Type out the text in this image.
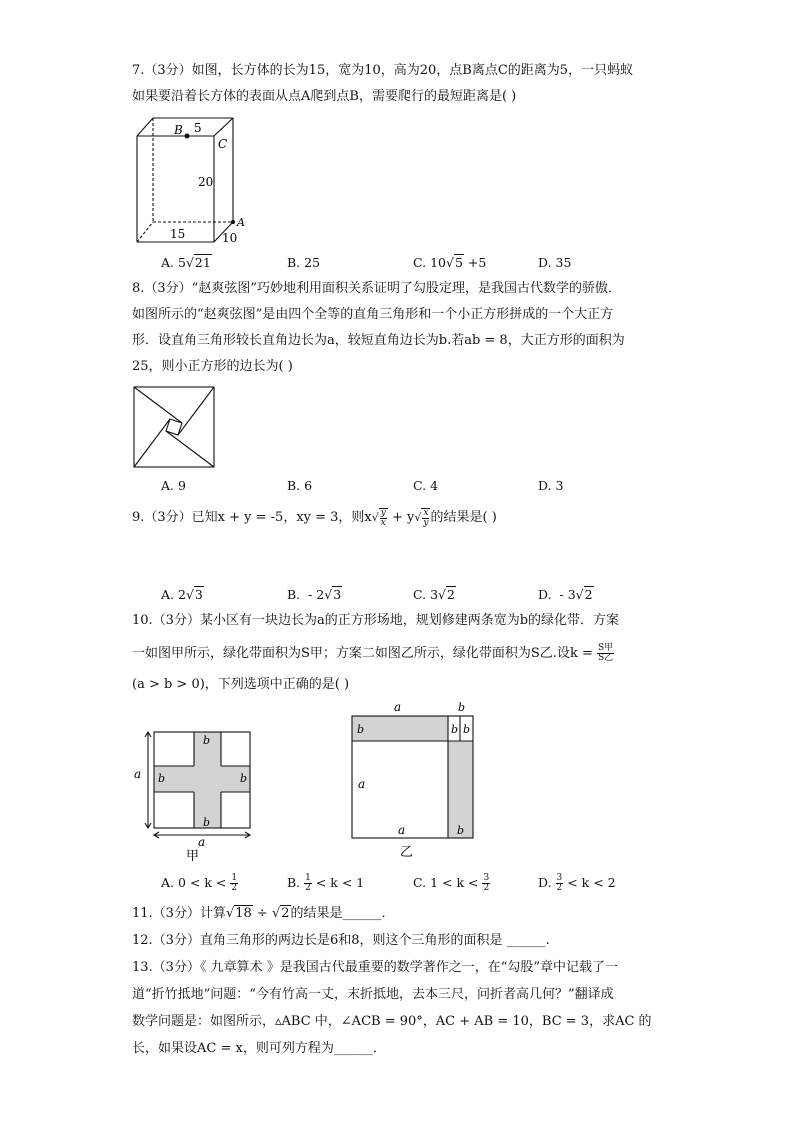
7.（3分）如图，长方体的长为15，宽为10，高为20，点B离点C的距离为5，一只蚂蚁
如果要沿着长方体的表面从点A爬到点B，需要爬行的最短距离是( )
B 5
C
20
A
15	10
A. 5√21	B. 25	C. 10√5 +5	D. 35
8.（3分）“赵爽弦图”巧妙地利用面积关系证明了勾股定理，是我国古代数学的骄傲．
如图所示的“赵爽弦图”是由四个全等的直角三角形和一个小正方形拼成的一个大正方
形．设直角三角形较长直角边长为a，较短直角边长为b.若ab = 8，大正方形的面积为
25，则小正方形的边长为( )
A. 9	B. 6	C. 4	D. 3
9.（3分）已知x + y = -5，xy = 3，则$x√ \frac{y}{x} + y√ \frac{x}{y}$ 的结果是( )
A. 2√3	B.  - 2√3	C. 3√2	D.  - 3√2
10.（3分）某小区有一块边长为a的正方形场地，规划修建两条宽为b的绿化带．方案
一如图甲所示，绿化带面积为S甲；方案二如图乙所示，绿化带面积为S乙.设$k = \frac{\text{S甲}}{\text{S乙}}$
(a > b > 0)，下列选项中正确的是( )
b
b	b
b
a
a
甲
a	b
b	b b
a
a	b
乙
A. $0 < k < \frac{1}{2}$	B. $\frac{1}{2} < k < 1$	C. $1 < k < \frac{3}{2}$	D. $\frac{3}{2} < k < 2$
11.（3分）计算√18 ÷ √2的结果是______．
12.（3分）直角三角形的两边长是6和8，则这个三角形的面积是 ______.
13.（3分）《 九章算术 》是我国古代最重要的数学著作之一，在“勾股”章中记载了一
道“折竹抵地”问题：“今有竹高一丈，末折抵地，去本三尺，问折者高几何？”翻译成
数学问题是：如图所示，▵ABC 中，∠ACB = 90°，AC + AB = 10，BC = 3，求AC 的
长，如果设AC = x，则可列方程为______．
